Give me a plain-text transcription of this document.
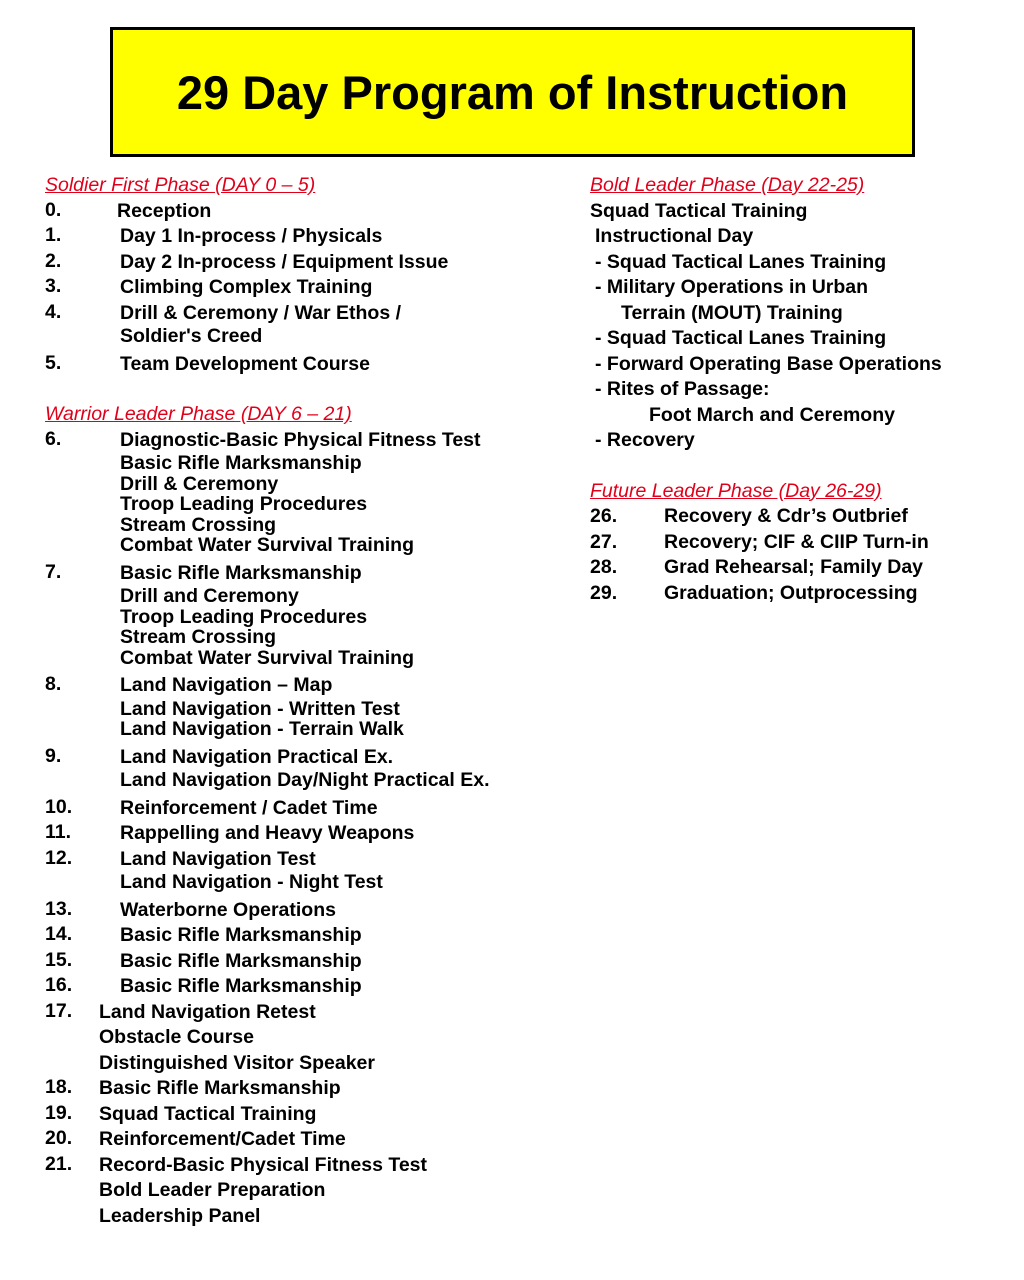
29 Day Program of Instruction
Soldier First Phase (DAY 0 – 5)
0.	Reception
1.	Day 1 In-process / Physicals
2.	Day 2 In-process / Equipment Issue
3.	Climbing Complex Training
4.	Drill & Ceremony / War Ethos /
Soldier's Creed
5.	Team Development Course
Warrior Leader Phase (DAY 6 – 21)
6.	Diagnostic-Basic Physical Fitness Test
Basic Rifle Marksmanship
Drill & Ceremony
Troop Leading Procedures
Stream Crossing
Combat Water Survival Training
7.	Basic Rifle Marksmanship
Drill and Ceremony
Troop Leading Procedures
Stream Crossing
Combat Water Survival Training
8.	Land Navigation – Map
Land Navigation - Written Test
Land Navigation - Terrain Walk
9.	Land Navigation Practical Ex.
Land Navigation Day/Night Practical Ex.
10.	Reinforcement / Cadet Time
11.	Rappelling and Heavy Weapons
12.	Land Navigation Test
Land Navigation - Night Test
13.	Waterborne Operations
14.	Basic Rifle Marksmanship
15.	Basic Rifle Marksmanship
16.	Basic Rifle Marksmanship
17.	Land Navigation Retest
Obstacle Course
Distinguished Visitor Speaker
18.	Basic Rifle Marksmanship
19.	Squad Tactical Training
20.	Reinforcement/Cadet Time
21.	Record-Basic Physical Fitness Test
Bold Leader Preparation
Leadership Panel
Bold Leader Phase (Day 22-25)
Squad Tactical Training
Instructional Day
- Squad Tactical Lanes Training
- Military Operations in Urban
Terrain (MOUT) Training
- Squad Tactical Lanes Training
- Forward Operating Base Operations
- Rites of Passage:
Foot March and Ceremony
- Recovery
Future Leader Phase (Day 26-29)
26.	Recovery & Cdr’s Outbrief
27.	Recovery; CIF & CIIP Turn-in
28.	Grad Rehearsal; Family Day
29.	Graduation; Outprocessing
